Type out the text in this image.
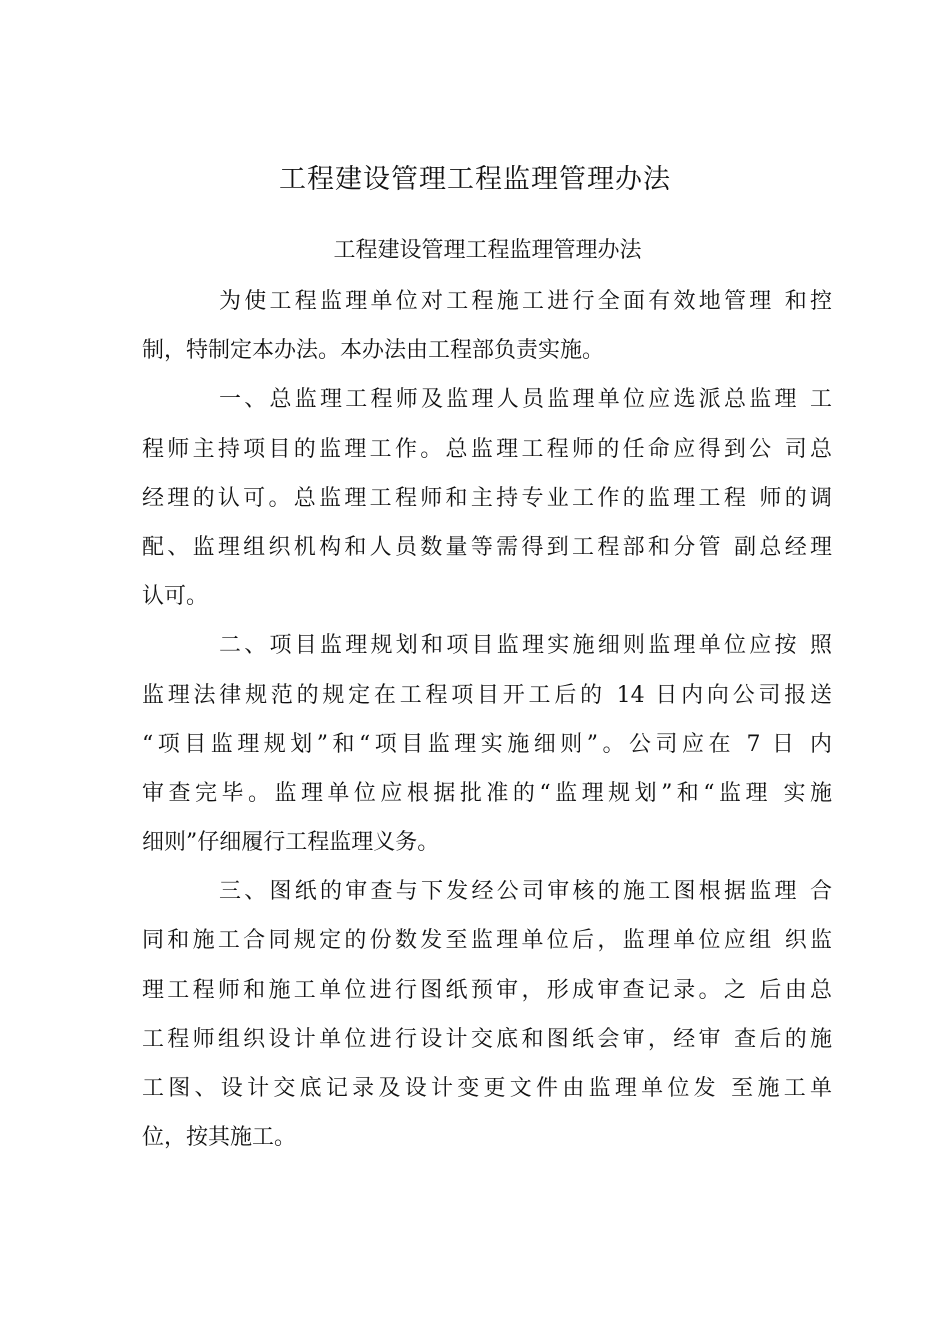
工程建设管理工程监理管理办法
工程建设管理工程监理管理办法
为使工程监理单位对工程施工进行全面有效地管理 和控
制，特制定本办法。本办法由工程部负责实施。
一、总监理工程师及监理人员监理单位应选派总监理 工
程师主持项目的监理工作。总监理工程师的任命应得到公 司总
经理的认可。总监理工程师和主持专业工作的监理工程 师的调
配、监理组织机构和人员数量等需得到工程部和分管 副总经理
认可。
二、项目监理规划和项目监理实施细则监理单位应按 照
监理法律规范的规定在工程项目开工后的 14 日内向公司报送
“项目监理规划”和“项目监理实施细则”。公司应在 7 日 内
审查完毕。监理单位应根据批准的“监理规划”和“监理 实施
细则”仔细履行工程监理义务。
三、图纸的审查与下发经公司审核的施工图根据监理 合
同和施工合同规定的份数发至监理单位后，监理单位应组 织监
理工程师和施工单位进行图纸预审，形成审查记录。之 后由总
工程师组织设计单位进行设计交底和图纸会审，经审 查后的施
工图、设计交底记录及设计变更文件由监理单位发 至施工单
位，按其施工。
